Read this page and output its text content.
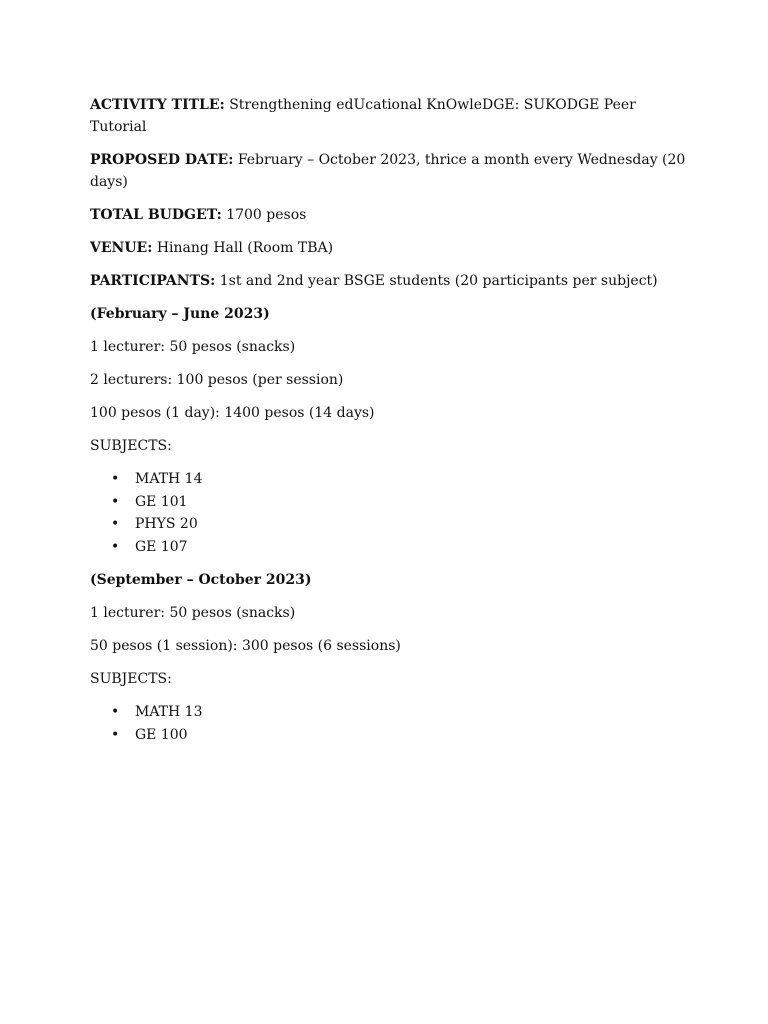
ACTIVITY TITLE: Strengthening edUcational KnOwleDGE: SUKODGE Peer Tutorial

PROPOSED DATE: February – October 2023, thrice a month every Wednesday (20 days)

TOTAL BUDGET: 1700 pesos

VENUE: Hinang Hall (Room TBA)

PARTICIPANTS: 1st and 2nd year BSGE students (20 participants per subject)

(February – June 2023)

1 lecturer: 50 pesos (snacks)

2 lecturers: 100 pesos (per session)

100 pesos (1 day): 1400 pesos (14 days)

SUBJECTS:

• MATH 14
• GE 101
• PHYS 20
• GE 107

(September – October 2023)

1 lecturer: 50 pesos (snacks)

50 pesos (1 session): 300 pesos (6 sessions)

SUBJECTS:

• MATH 13
• GE 100
